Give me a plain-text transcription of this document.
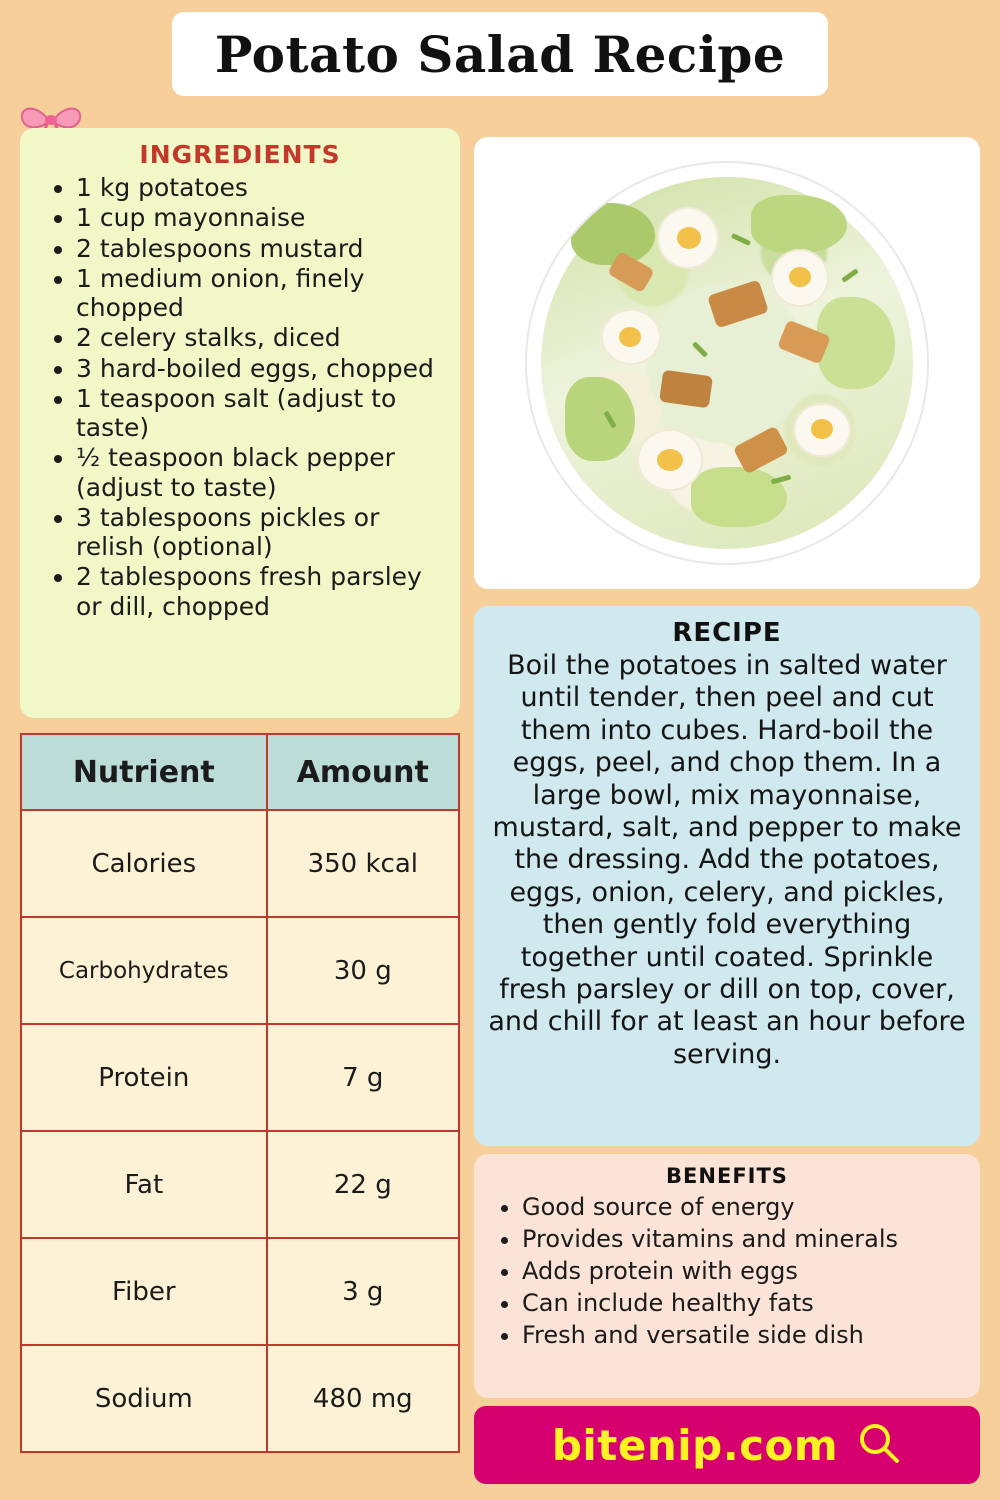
Potato Salad Recipe
INGREDIENTS
• 1 kg potatoes
• 1 cup mayonnaise
• 2 tablespoons mustard
• 1 medium onion, finely chopped
• 2 celery stalks, diced
• 3 hard-boiled eggs, chopped
• 1 teaspoon salt (adjust to taste)
• ½ teaspoon black pepper (adjust to taste)
• 3 tablespoons pickles or relish (optional)
• 2 tablespoons fresh parsley or dill, chopped
Nutrient	Amount
Calories	350 kcal
Carbohydrates	30 g
Protein	7 g
Fat	22 g
Fiber	3 g
Sodium	480 mg
RECIPE

Boil the potatoes in salted water until tender, then peel and cut them into cubes. Hard-boil the eggs, peel, and chop them. In a large bowl, mix mayonnaise, mustard, salt, and pepper to make the dressing. Add the potatoes, eggs, onion, celery, and pickles, then gently fold everything together until coated. Sprinkle fresh parsley or dill on top, cover, and chill for at least an hour before serving.

BENEFITS
• Good source of energy
• Provides vitamins and minerals
• Adds protein with eggs
• Can include healthy fats
• Fresh and versatile side dish
bitenip.com
